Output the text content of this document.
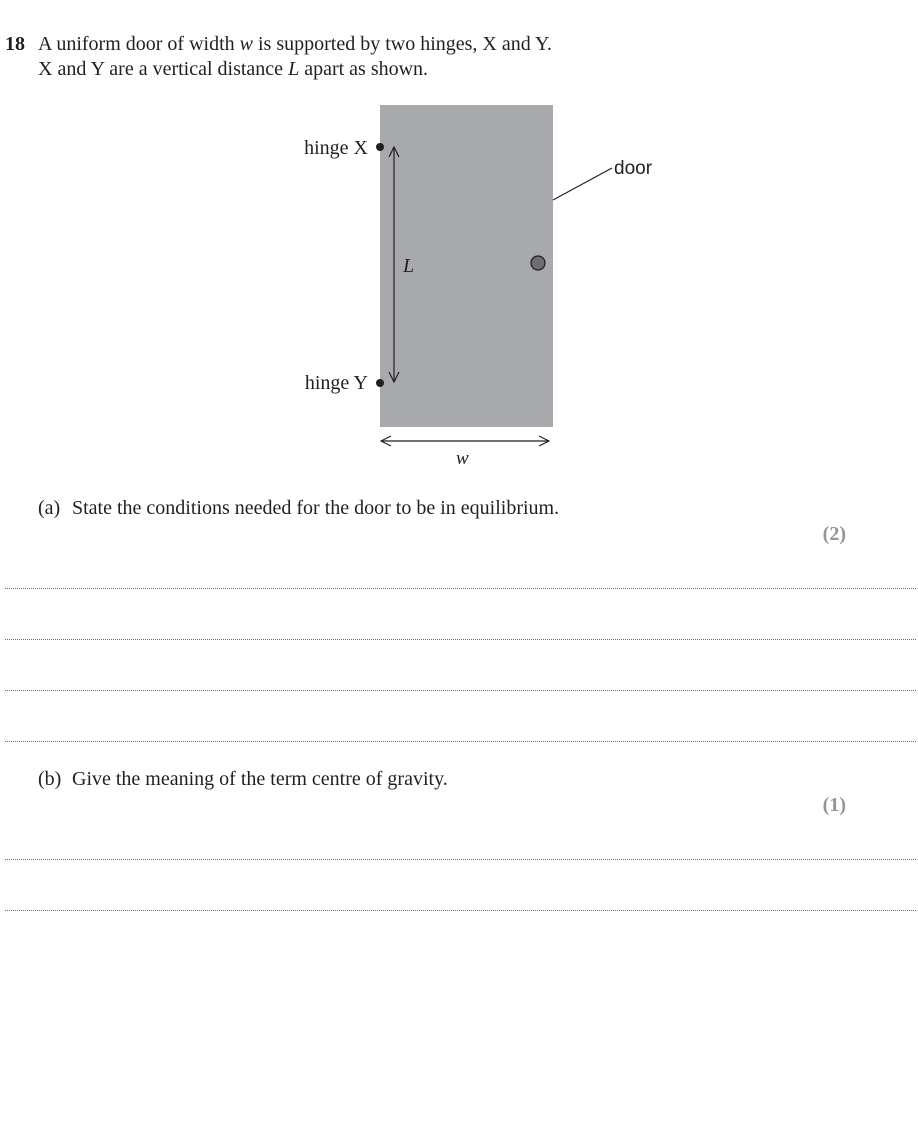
18 A uniform door of width w is supported by two hinges, X and Y.
X and Y are a vertical distance L apart as shown.
hinge X
hinge Y
L
door
w
(a) State the conditions needed for the door to be in equilibrium.
(2)
(b) Give the meaning of the term centre of gravity.
(1)
